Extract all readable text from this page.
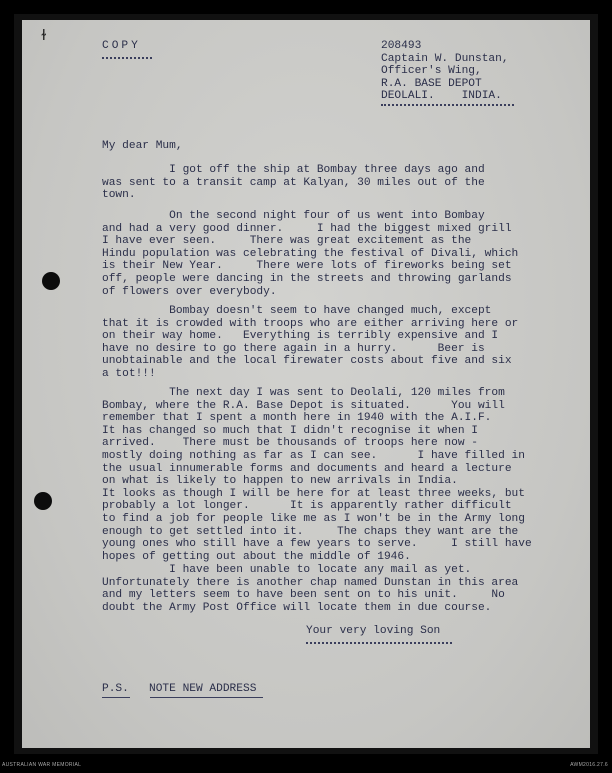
ɫ
COPY	208493
Captain W. Dunstan,
Officer's Wing,
R.A. BASE DEPOT
DEOLALI.    INDIA.
My dear Mum,
I got off the ship at Bombay three days ago and
was sent to a transit camp at Kalyan, 30 miles out of the
town.
On the second night four of us went into Bombay
and had a very good dinner.     I had the biggest mixed grill
I have ever seen.     There was great excitement as the
Hindu population was celebrating the festival of Divali, which
is their New Year.     There were lots of fireworks being set
off, people were dancing in the streets and throwing garlands
of flowers over everybody.
Bombay doesn't seem to have changed much, except
that it is crowded with troops who are either arriving here or
on their way home.   Everything is terribly expensive and I
have no desire to go there again in a hurry.      Beer is
unobtainable and the local firewater costs about five and six
a tot!!!
The next day I was sent to Deolali, 120 miles from
Bombay, where the R.A. Base Depot is situated.      You will
remember that I spent a month here in 1940 with the A.I.F.
It has changed so much that I didn't recognise it when I
arrived.    There must be thousands of troops here now -
mostly doing nothing as far as I can see.      I have filled in
the usual innumerable forms and documents and heard a lecture
on what is likely to happen to new arrivals in India.
It looks as though I will be here for at least three weeks, but
probably a lot longer.      It is apparently rather difficult
to find a job for people like me as I won't be in the Army long
enough to get settled into it.     The chaps they want are the
young ones who still have a few years to serve.     I still have
hopes of getting out about the middle of 1946.
I have been unable to locate any mail as yet.
Unfortunately there is another chap named Dunstan in this area
and my letters seem to have been sent on to his unit.     No
doubt the Army Post Office will locate them in due course.
Your very loving Son
P.S.   NOTE NEW ADDRESS
AUSTRALIAN WAR MEMORIAL	AWM2016.27.6
